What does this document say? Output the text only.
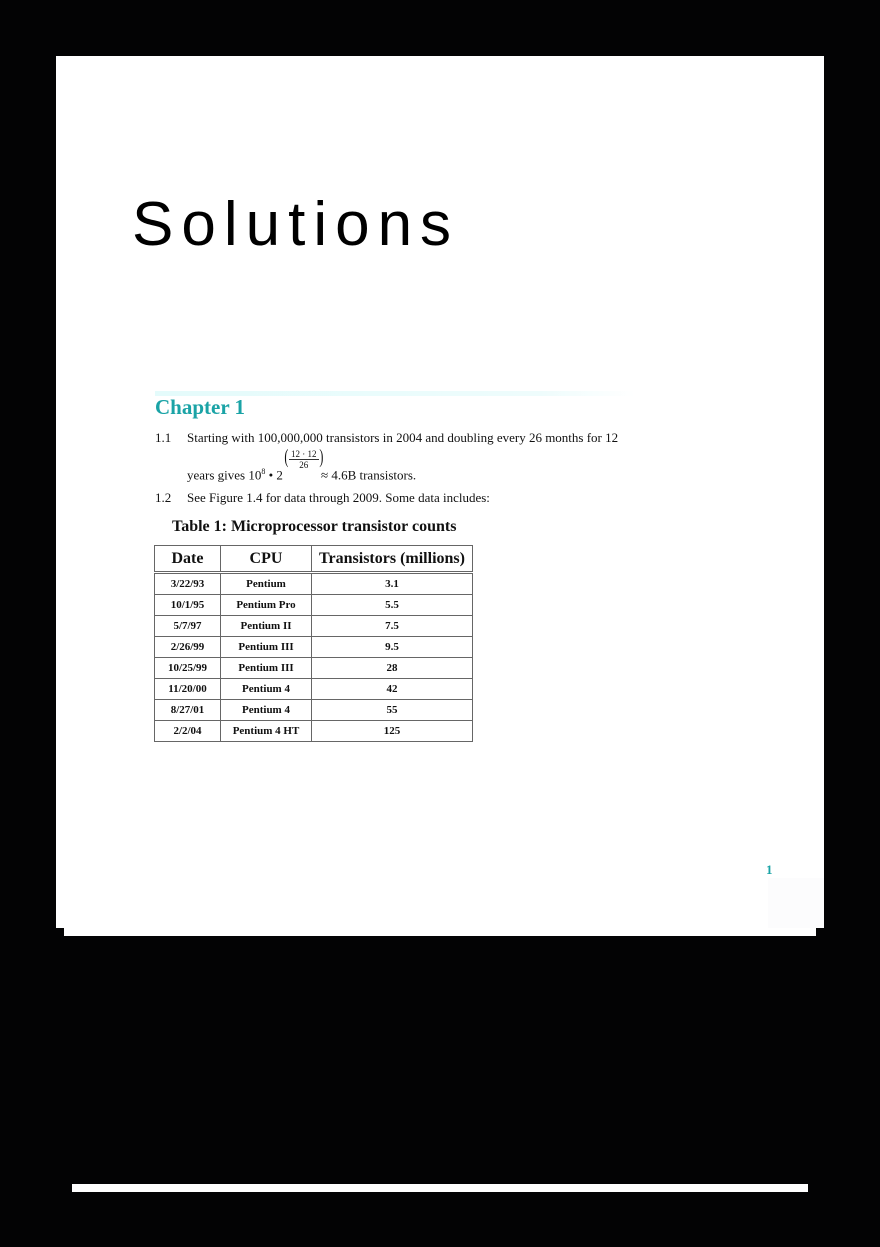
Solutions
Chapter 1
1.1 Starting with 100,000,000 transistors in 2004 and doubling every 26 months for 12
( 12 · 12
26 )
years gives $10^8$ • 2	≈ 4.6B transistors.
1.2 See Figure 1.4 for data through 2009. Some data includes:
Table 1: Microprocessor transistor counts
Date	CPU	Transistors (millions)
3/22/93	Pentium	3.1
10/1/95	Pentium Pro	5.5
5/7/97	Pentium II	7.5
2/26/99	Pentium III	9.5
10/25/99	Pentium III	28
11/20/00	Pentium 4	42
8/27/01	Pentium 4	55
2/2/04	Pentium 4 HT	125
1
